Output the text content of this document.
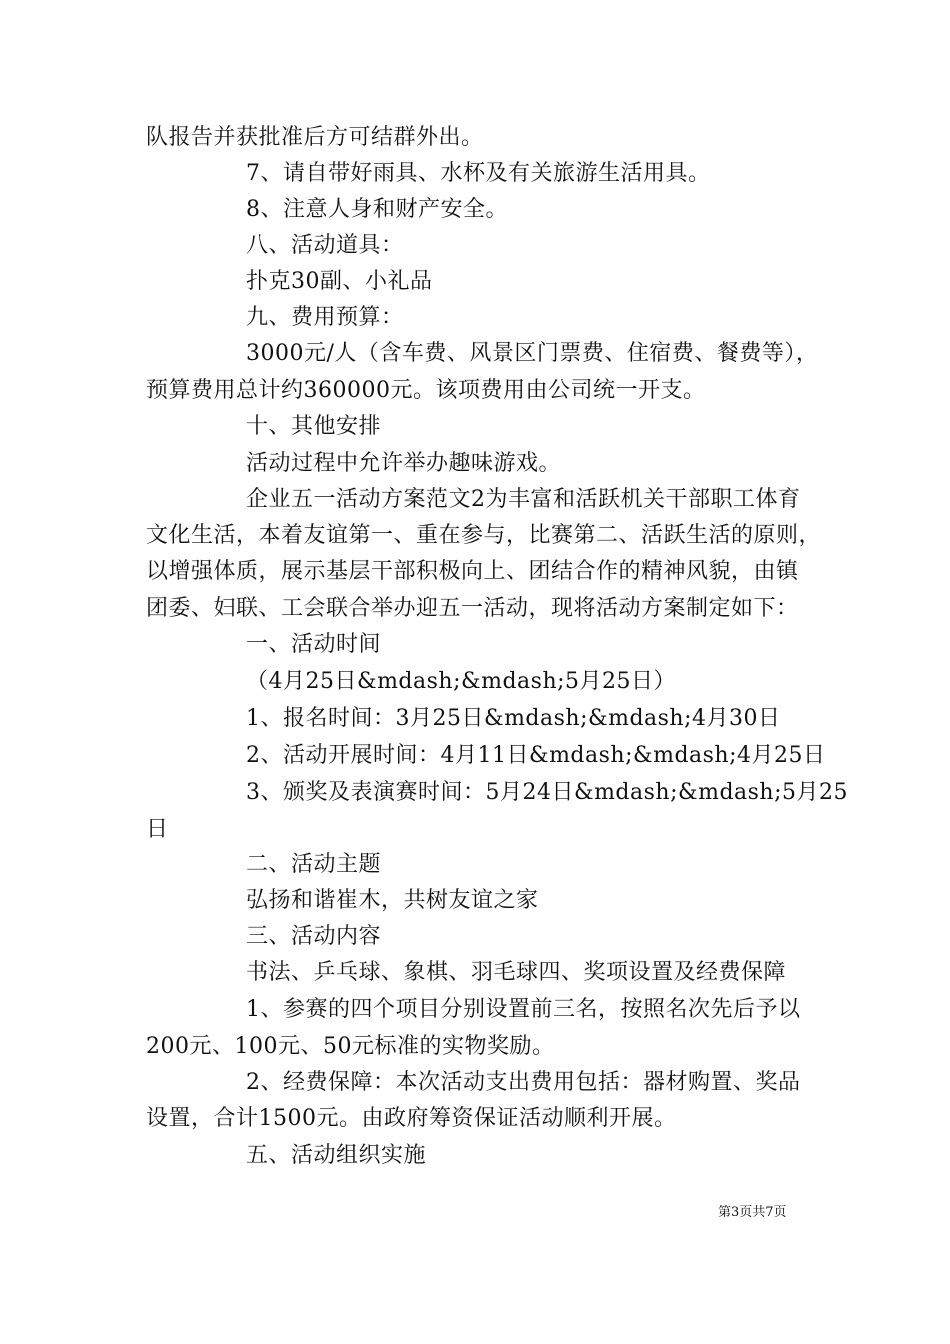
队报告并获批准后方可结群外出。
7、请自带好雨具、水杯及有关旅游生活用具。
8、注意人身和财产安全。
八、活动道具：
扑克30副、小礼品
九、费用预算：
3000元/人（含车费、风景区门票费、住宿费、餐费等），
预算费用总计约360000元。该项费用由公司统一开支。
十、其他安排
活动过程中允许举办趣味游戏。
企业五一活动方案范文2为丰富和活跃机关干部职工体育
文化生活，本着友谊第一、重在参与，比赛第二、活跃生活的原则，
以增强体质，展示基层干部积极向上、团结合作的精神风貌，由镇
团委、妇联、工会联合举办迎五一活动，现将活动方案制定如下：
一、活动时间
（4月25日&mdash;&mdash;5月25日）
1、报名时间：3月25日&mdash;&mdash;4月30日
2、活动开展时间：4月11日&mdash;&mdash;4月25日
3、颁奖及表演赛时间：5月24日&mdash;&mdash;5月25
日
二、活动主题
弘扬和谐崔木，共树友谊之家
三、活动内容
书法、乒乓球、象棋、羽毛球四、奖项设置及经费保障
1、参赛的四个项目分别设置前三名，按照名次先后予以
200元、100元、50元标准的实物奖励。
2、经费保障：本次活动支出费用包括：器材购置、奖品
设置，合计1500元。由政府筹资保证活动顺利开展。
五、活动组织实施
第3页共7页
